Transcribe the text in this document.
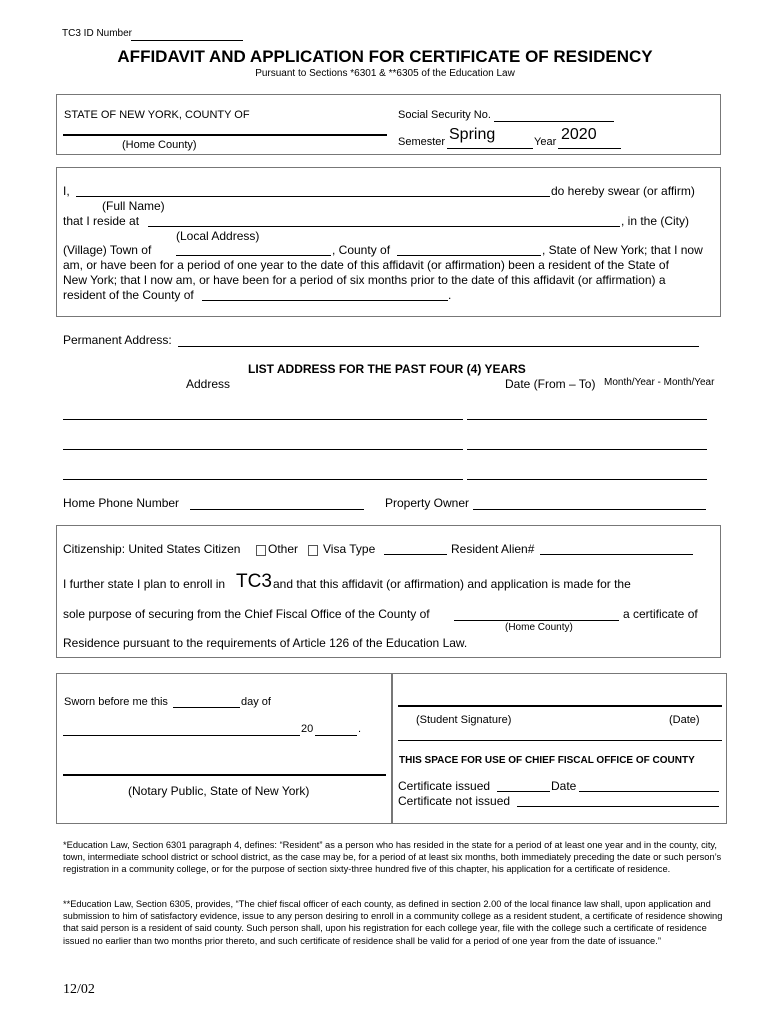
TC3 ID Number
AFFIDAVIT AND APPLICATION FOR CERTIFICATE OF RESIDENCY
Pursuant to Sections *6301 & **6305 of the Education Law
STATE OF NEW YORK, COUNTY OF
(Home County)
Social Security No.
Semester Spring	Year 2020
I,	do hereby swear (or affirm)
(Full Name)
that I reside at	, in the (City)
(Local Address)
(Village) Town of	, County of	, State of New York; that I now
am, or have been for a period of one year to the date of this affidavit (or affirmation) been a resident of the State of
New York; that I now am, or have been for a period of six months prior to the date of this affidavit (or affirmation) a
resident of the County of	.
Permanent Address:
LIST ADDRESS FOR THE PAST FOUR (4) YEARS
Address	Date (From – To) Month/Year - Month/Year
Home Phone Number	Property Owner
Citizenship: United States Citizen Other Visa Type	Resident Alien#
I further state I plan to enroll in TC3 and that this affidavit (or affirmation) and application is made for the
sole purpose of securing from the Chief Fiscal Office of the County of	a certificate of
(Home County)
Residence pursuant to the requirements of Article 126 of the Education Law.
Sworn before me this	day of
20	.
(Notary Public, State of New York)
(Student Signature)	(Date)
THIS SPACE FOR USE OF CHIEF FISCAL OFFICE OF COUNTY
Certificate issued	Date
Certificate not issued
*Education Law, Section 6301 paragraph 4, defines: “Resident” as a person who has resided in the state for a period of at least one year and in the county, city, town, intermediate school district or school district, as the case may be, for a period of at least six months, both immediately preceding the date or such person’s registration in a community college, or for the purpose of section sixty-three hundred five of this chapter, his application for a certificate of residence.
**Education Law, Section 6305, provides, “The chief fiscal officer of each county, as defined in section 2.00 of the local finance law shall, upon application and submission to him of satisfactory evidence, issue to any person desiring to enroll in a community college as a resident student, a certificate of residence showing that said person is a resident of said county. Such person shall, upon his registration for each college year, file with the college such a certificate of residence issued no earlier than two months prior thereto, and such certificate of residence shall be valid for a period of one year from the date of issuance.”
12/02
